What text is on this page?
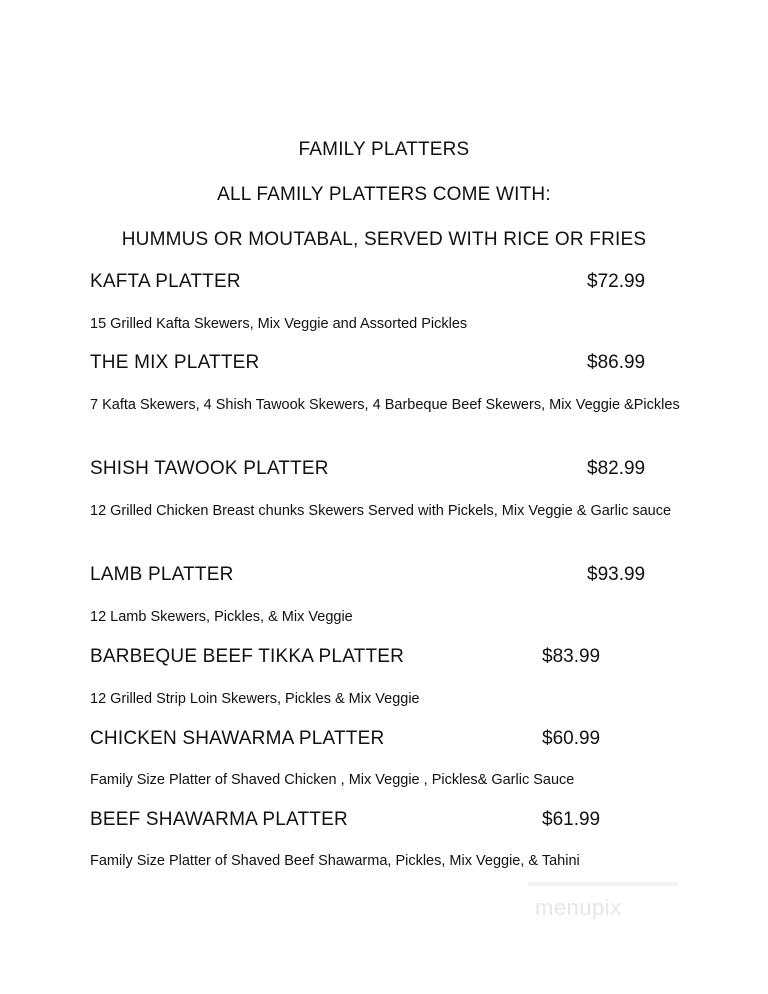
FAMILY PLATTERS
ALL FAMILY PLATTERS COME WITH:
HUMMUS OR MOUTABAL, SERVED WITH RICE OR FRIES
KAFTA PLATTER	$72.99
15 Grilled Kafta Skewers, Mix Veggie and Assorted Pickles
THE MIX PLATTER	$86.99
7 Kafta Skewers, 4 Shish Tawook Skewers, 4 Barbeque Beef Skewers, Mix Veggie &Pickles
SHISH TAWOOK PLATTER	$82.99
12 Grilled Chicken Breast chunks Skewers Served with Pickels, Mix Veggie & Garlic sauce
LAMB PLATTER	$93.99
12 Lamb Skewers, Pickles, & Mix Veggie
BARBEQUE BEEF TIKKA PLATTER	$83.99
12 Grilled Strip Loin Skewers, Pickles & Mix Veggie
CHICKEN SHAWARMA PLATTER	$60.99
Family Size Platter of Shaved Chicken , Mix Veggie , Pickles& Garlic Sauce
BEEF SHAWARMA PLATTER	$61.99
Family Size Platter of Shaved Beef Shawarma, Pickles, Mix Veggie, & Tahini
menupix
